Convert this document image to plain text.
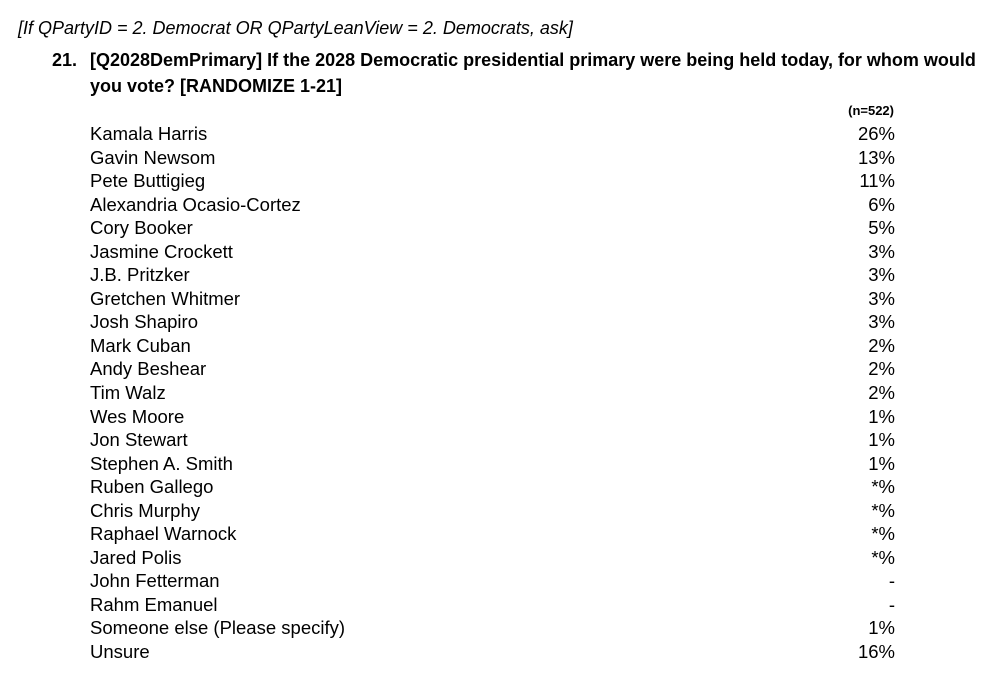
[If QPartyID = 2. Democrat OR QPartyLeanView = 2. Democrats, ask]
21. [Q2028DemPrimary] If the 2028 Democratic presidential primary were being held today, for whom would you vote? [RANDOMIZE 1-21]
(n=522)
Kamala Harris	26%
Gavin Newsom	13%
Pete Buttigieg	11%
Alexandria Ocasio-Cortez	6%
Cory Booker	5%
Jasmine Crockett	3%
J.B. Pritzker	3%
Gretchen Whitmer	3%
Josh Shapiro	3%
Mark Cuban	2%
Andy Beshear	2%
Tim Walz	2%
Wes Moore	1%
Jon Stewart	1%
Stephen A. Smith	1%
Ruben Gallego	*%
Chris Murphy	*%
Raphael Warnock	*%
Jared Polis	*%
John Fetterman	-
Rahm Emanuel	-
Someone else (Please specify)	1%
Unsure	16%
